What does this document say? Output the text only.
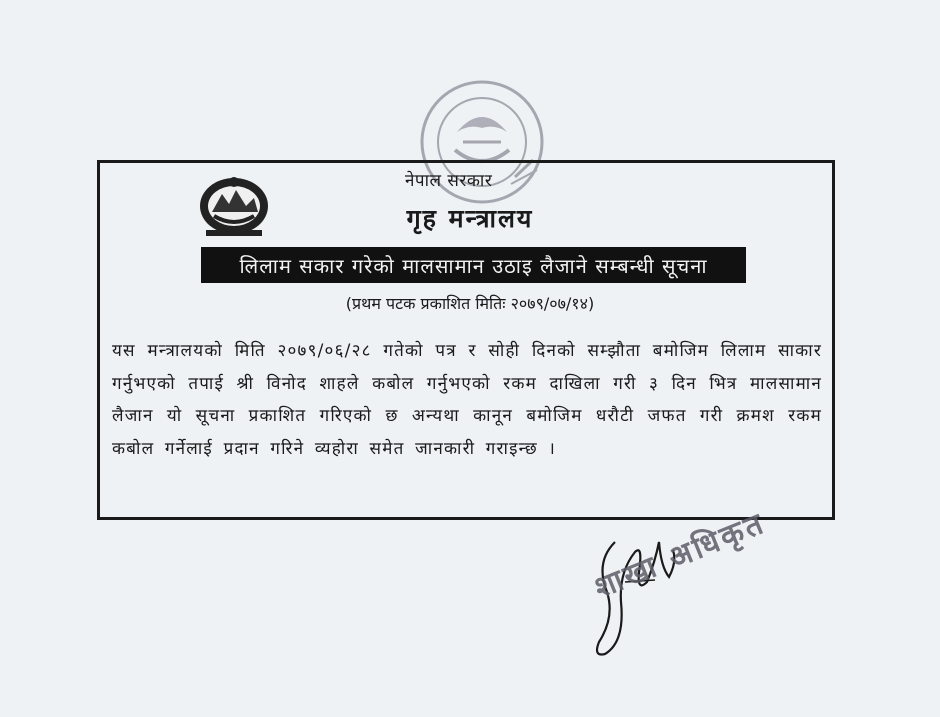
नेपाल सरकार
गृह मन्त्रालय
लिलाम सकार गरेको मालसामान उठाइ लैजाने सम्बन्धी सूचना
(प्रथम पटक प्रकाशित मितिः २०७९/०७/१४)
यस मन्त्रालयको मिति २०७९/०६/२८ गतेको पत्र र सोही दिनको सम्झौता बमोजिम लिलाम साकार गर्नुभएको तपाई श्री विनोद शाहले कबोल गर्नुभएको रकम दाखिला गरी ३ दिन भित्र मालसामान लैजान यो सूचना प्रकाशित गरिएको छ अन्यथा कानून बमोजिम धरौटी जफत गरी क्रमश रकम कबोल गर्नेलाई प्रदान गरिने व्यहोरा समेत जानकारी गराइन्छ ।
शाखा अधिकृत
